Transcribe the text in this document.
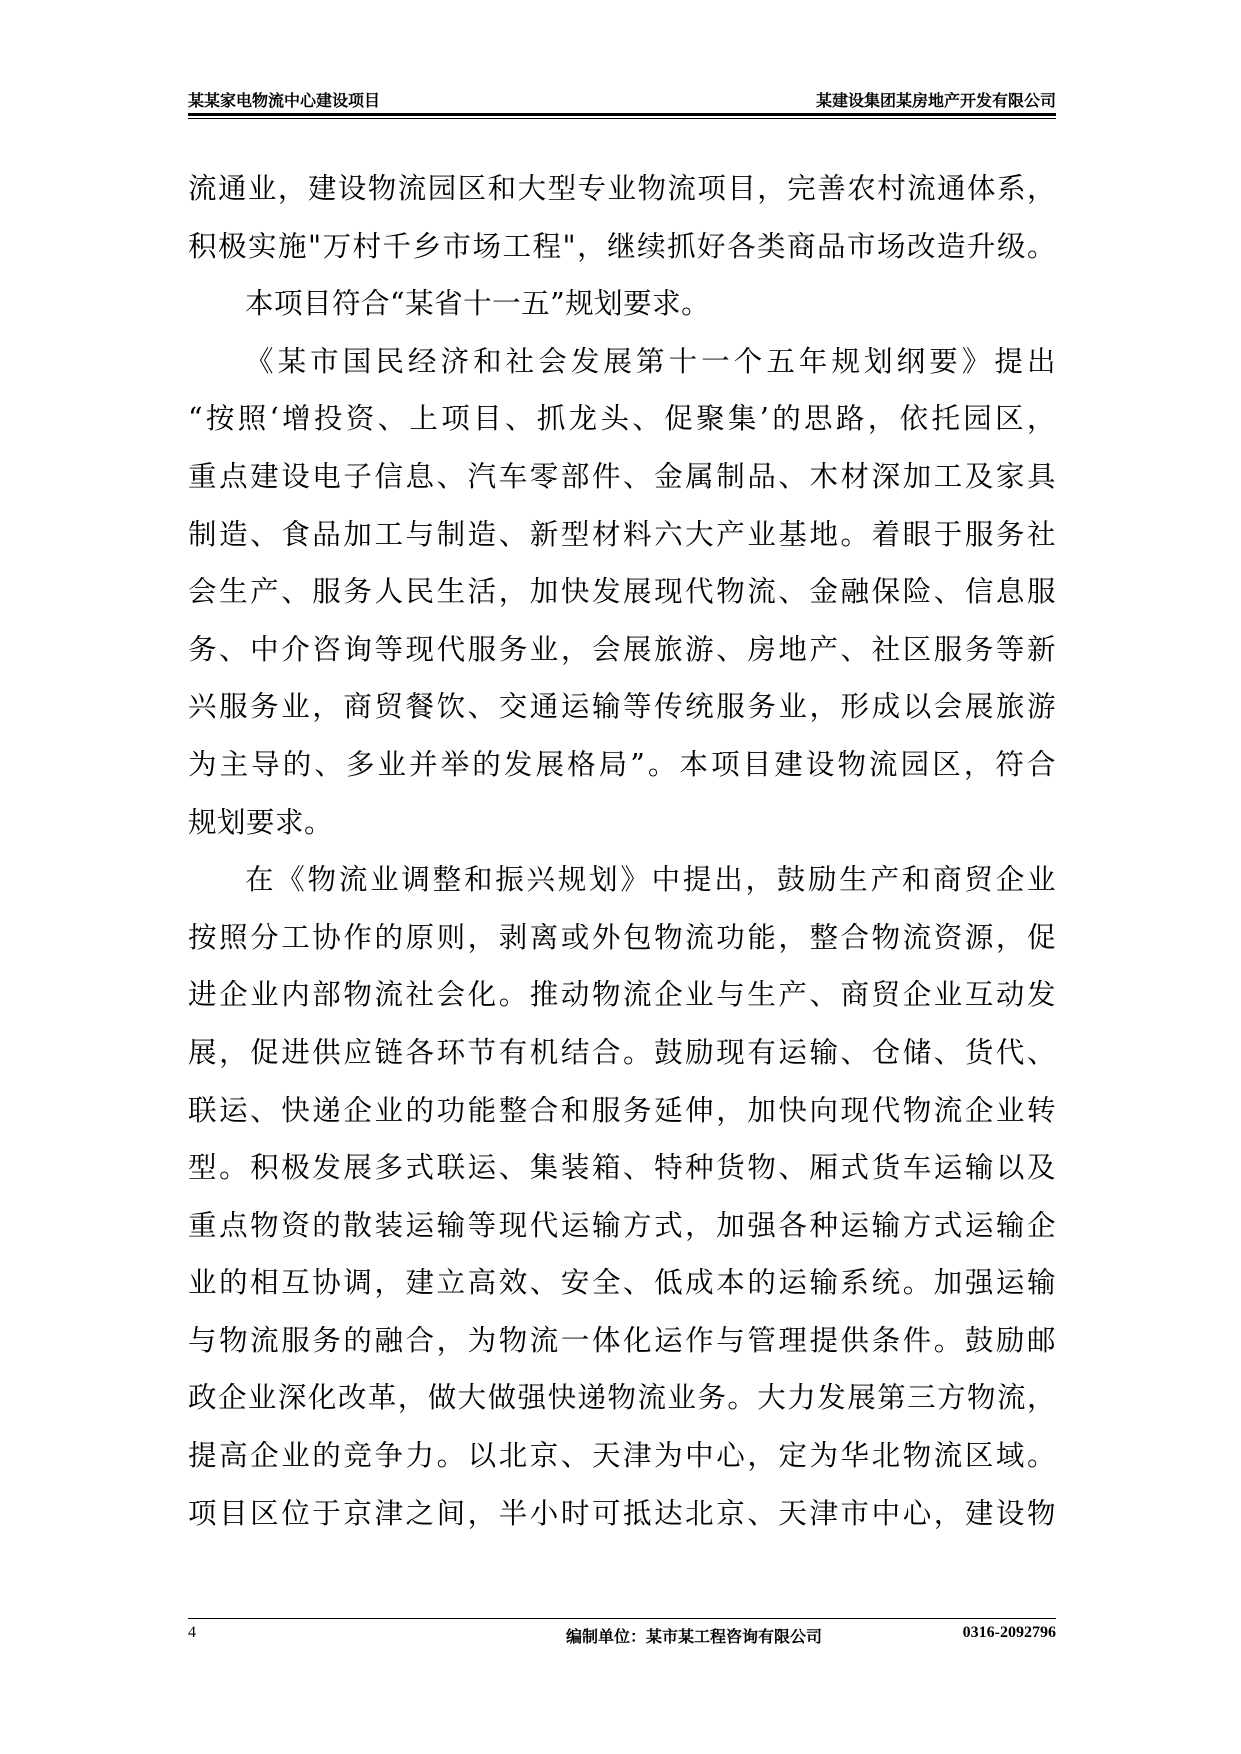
某某家电物流中心建设项目	某建设集团某房地产开发有限公司
流通业，建设物流园区和大型专业物流项目，完善农村流通体系，
积极实施"万村千乡市场工程"，继续抓好各类商品市场改造升级。
本项目符合“某省十一五”规划要求。
《某市国民经济和社会发展第十一个五年规划纲要》提出
“按照‘增投资、上项目、抓龙头、促聚集’的思路，依托园区，
重点建设电子信息、汽车零部件、金属制品、木材深加工及家具
制造、食品加工与制造、新型材料六大产业基地。着眼于服务社
会生产、服务人民生活，加快发展现代物流、金融保险、信息服
务、中介咨询等现代服务业，会展旅游、房地产、社区服务等新
兴服务业，商贸餐饮、交通运输等传统服务业，形成以会展旅游
为主导的、多业并举的发展格局”。本项目建设物流园区，符合
规划要求。
在《物流业调整和振兴规划》中提出，鼓励生产和商贸企业
按照分工协作的原则，剥离或外包物流功能，整合物流资源，促
进企业内部物流社会化。推动物流企业与生产、商贸企业互动发
展，促进供应链各环节有机结合。鼓励现有运输、仓储、货代、
联运、快递企业的功能整合和服务延伸，加快向现代物流企业转
型。积极发展多式联运、集装箱、特种货物、厢式货车运输以及
重点物资的散装运输等现代运输方式，加强各种运输方式运输企
业的相互协调，建立高效、安全、低成本的运输系统。加强运输
与物流服务的融合，为物流一体化运作与管理提供条件。鼓励邮
政企业深化改革，做大做强快递物流业务。大力发展第三方物流，
提高企业的竞争力。以北京、天津为中心，定为华北物流区域。
项目区位于京津之间，半小时可抵达北京、天津市中心，建设物
4	编制单位：某市某工程咨询有限公司	0316-2092796
